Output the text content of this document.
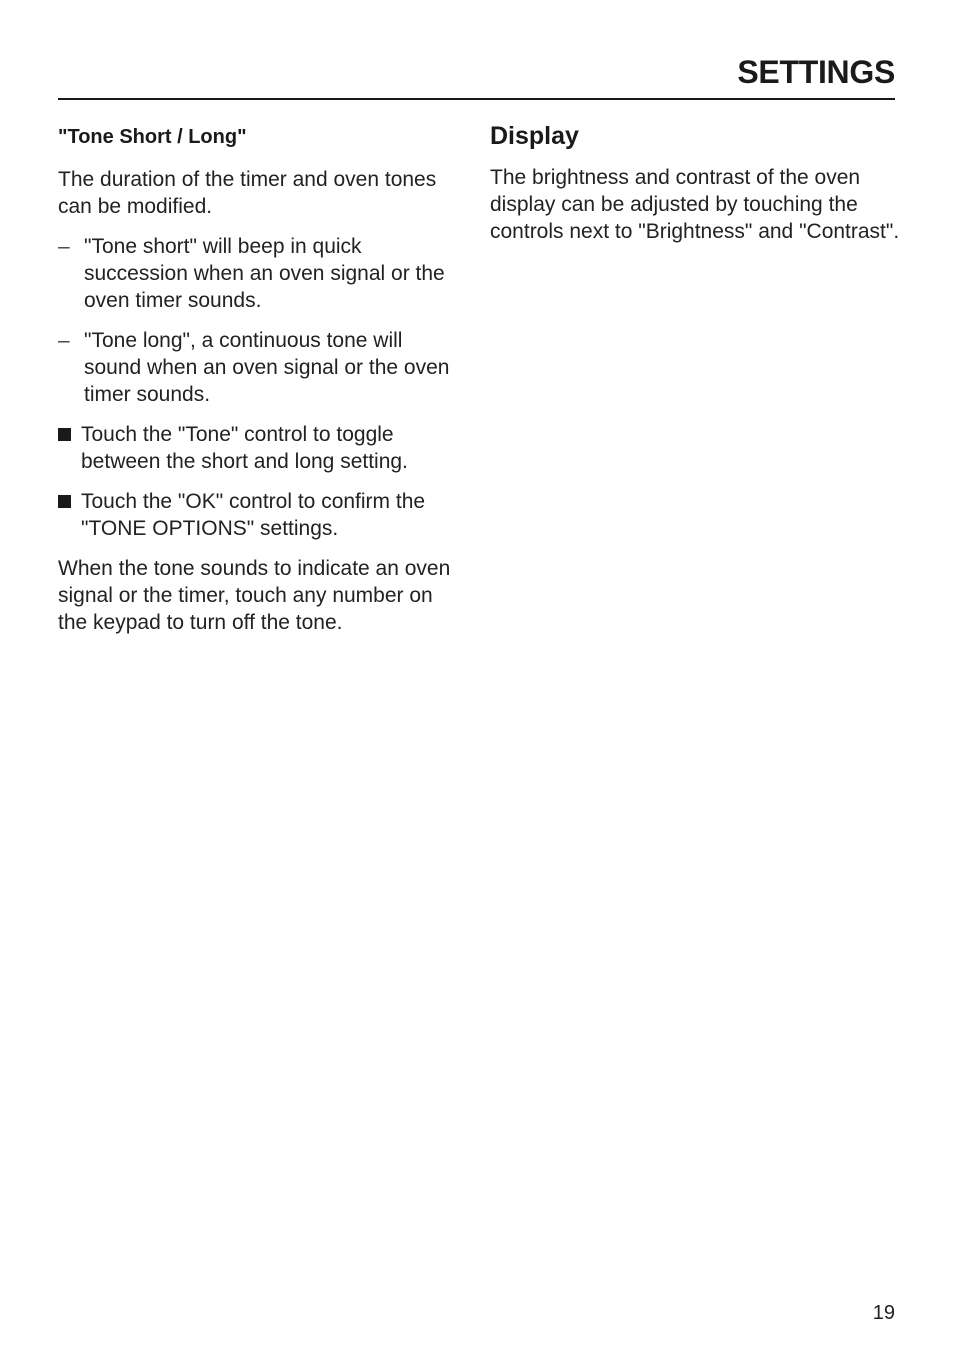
SETTINGS
"Tone Short / Long"

The duration of the timer and oven tones can be modified.

– "Tone short" will beep in quick succession when an oven signal or the oven timer sounds.
– "Tone long", a continuous tone will sound when an oven signal or the oven timer sounds.
Touch the "Tone" control to toggle between the short and long setting.
Touch the "OK" control to confirm the "TONE OPTIONS" settings.

When the tone sounds to indicate an oven signal or the timer, touch any number on the keypad to turn off the tone.

Display

The brightness and contrast of the oven display can be adjusted by touching the controls next to "Brightness" and "Contrast".

19
